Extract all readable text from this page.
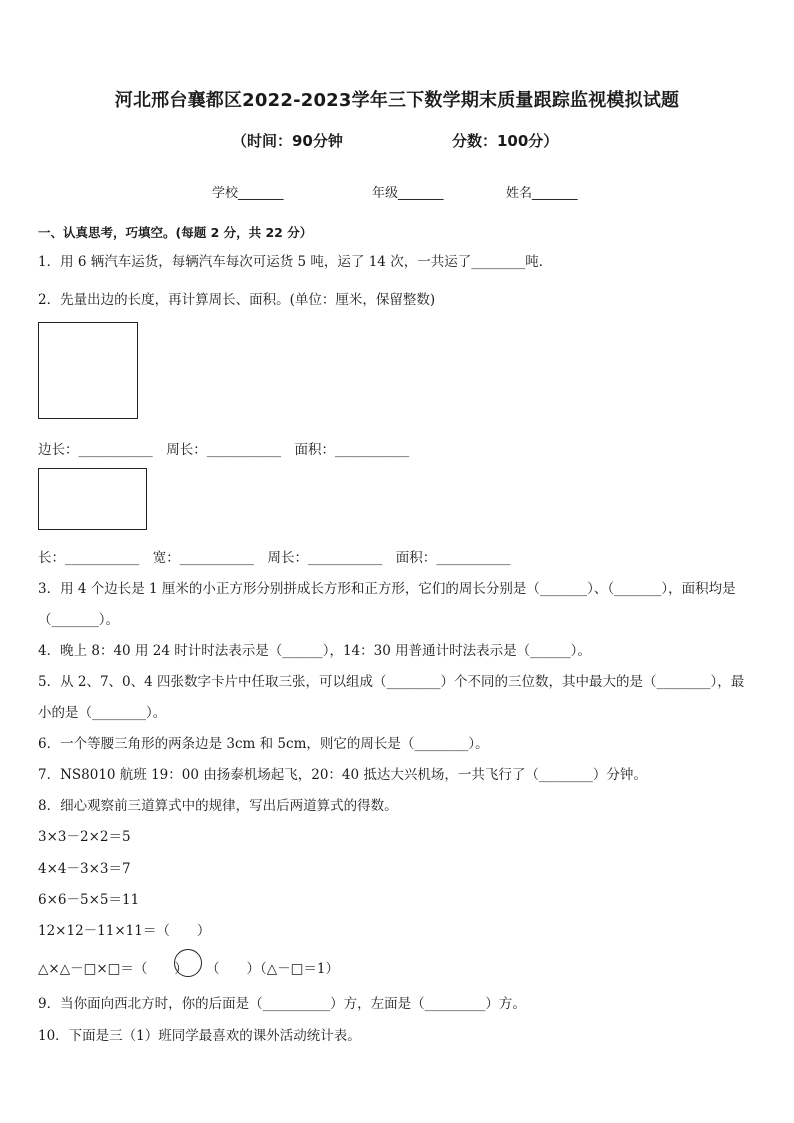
河北邢台襄都区2022-2023学年三下数学期末质量跟踪监视模拟试题
（时间：90分钟	分数：100分）
学校_______	年级_______	姓名_______
一、认真思考，巧填空。(每题 2 分，共 22 分）
1．用 6 辆汽车运货，每辆汽车每次可运货 5 吨，运了 14 次，一共运了________吨．
2．先量出边的长度，再计算周长、面积。(单位：厘米，保留整数)
边长：___________　周长：___________　面积：___________
长：___________　宽：___________　周长：___________　面积：___________
3．用 4 个边长是 1 厘米的小正方形分别拼成长方形和正方形，它们的周长分别是（_______）、（_______），面积均是
（_______）。
4．晚上 8：40 用 24 时计时法表示是（______），14：30 用普通计时法表示是（______）。
5．从 2、7、0、4 四张数字卡片中任取三张，可以组成（________）个不同的三位数，其中最大的是（________），最
小的是（________）。
6．一个等腰三角形的两条边是 3cm 和 5cm，则它的周长是（________）。
7．NS8010 航班 19：00 由扬泰机场起飞，20：40 抵达大兴机场，一共飞行了（________）分钟。
8．细心观察前三道算式中的规律，写出后两道算式的得数。
3×3－2×2＝5
4×4－3×3＝7
6×6－5×5＝11
12×12－11×11＝（　　）
△×△－□×□＝（　　） （　　）（△－□＝1）
9．当你面向西北方时，你的后面是（__________）方，左面是（_________）方。
10．下面是三（1）班同学最喜欢的课外活动统计表。
